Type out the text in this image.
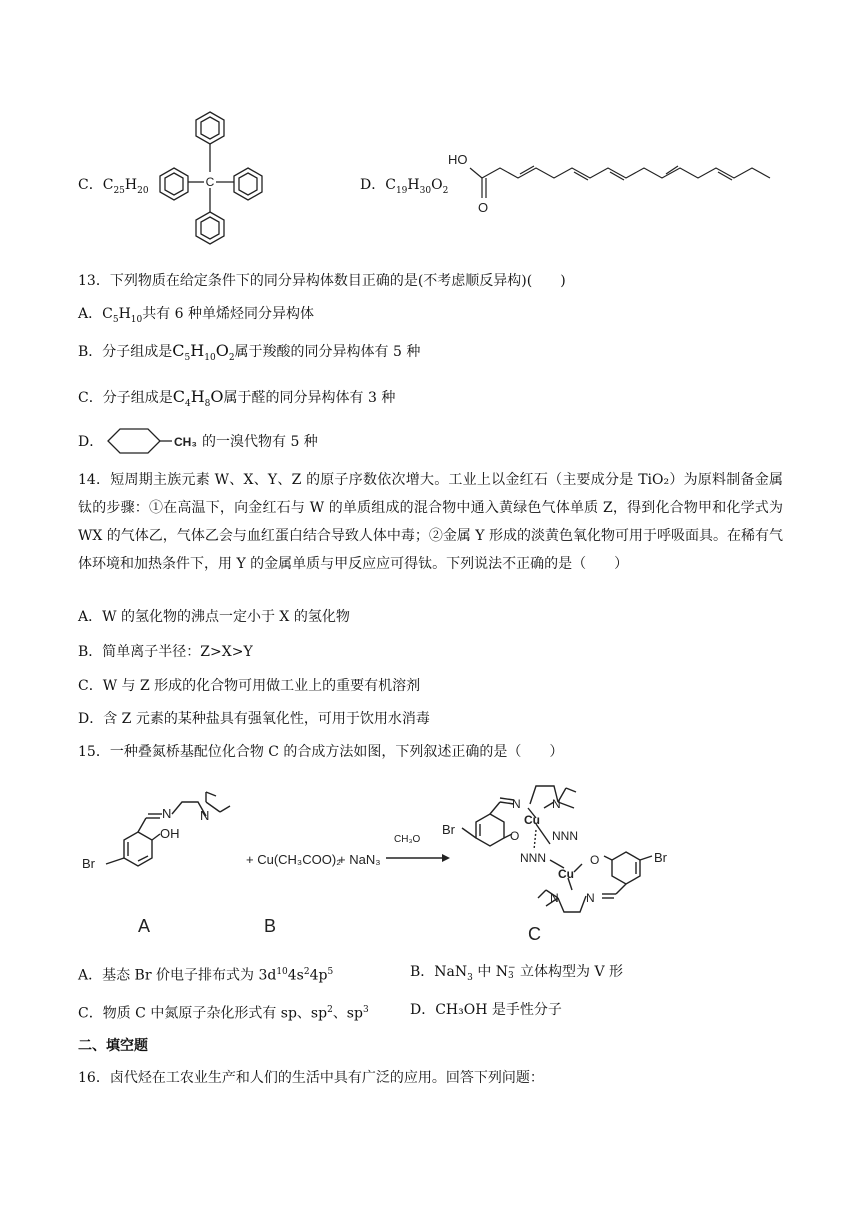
C．$C_{25}H_{20}$
C	D．$C_{19}H_{30}O_2$
HO
O
13．下列物质在给定条件下的同分异构体数目正确的是(不考虑顺反异构)(　　)
A．$C_5H_{10}$共有 6 种单烯烃同分异构体
B．分子组成是$C_5H_{10}O_2$属于羧酸的同分异构体有 5 种
C．分子组成是$C_4H_8O$属于醛的同分异构体有 3 种
D．	CH₃ 的一溴代物有 5 种
14．短周期主族元素 W、X、Y、Z 的原子序数依次增大。工业上以金红石（主要成分是 TiO₂）为原料制备金属钛的步骤：①在高温下，向金红石与 W 的单质组成的混合物中通入黄绿色气体单质 Z，得到化合物甲和化学式为 WX 的气体乙，气体乙会与血红蛋白结合导致人体中毒；②金属 Y 形成的淡黄色氧化物可用于呼吸面具。在稀有气体环境和加热条件下，用 Y 的金属单质与甲反应应可得钛。下列说法不正确的是（　　）
A．W 的氢化物的沸点一定小于 X 的氢化物
B．简单离子半径：Z>X>Y
C．W 与 Z 形成的化合物可用做工业上的重要有机溶剂
D．含 Z 元素的某种盐具有强氧化性，可用于饮用水消毒
15．一种叠氮桥基配位化合物 C 的合成方法如图，下列叙述正确的是（　　）
Br
OH
N N
A
+ Cu(CH₃COO)₂
B
+ NaN₃
CH₃O
Br
N	N
O
Cu
NNN
NNN	O	Br
Cu
N N
C
A．基态 Br 价电子排布式为 $3d^{10}4s^24p^5$	B．NaN$_3$ 中 N−
3 立体构型为 V 形
C．物质 C 中氮原子杂化形式有 sp、$sp^2$、$sp^3$	D．CH₃OH 是手性分子
二、填空题
16．卤代烃在工农业生产和人们的生活中具有广泛的应用。回答下列问题：
